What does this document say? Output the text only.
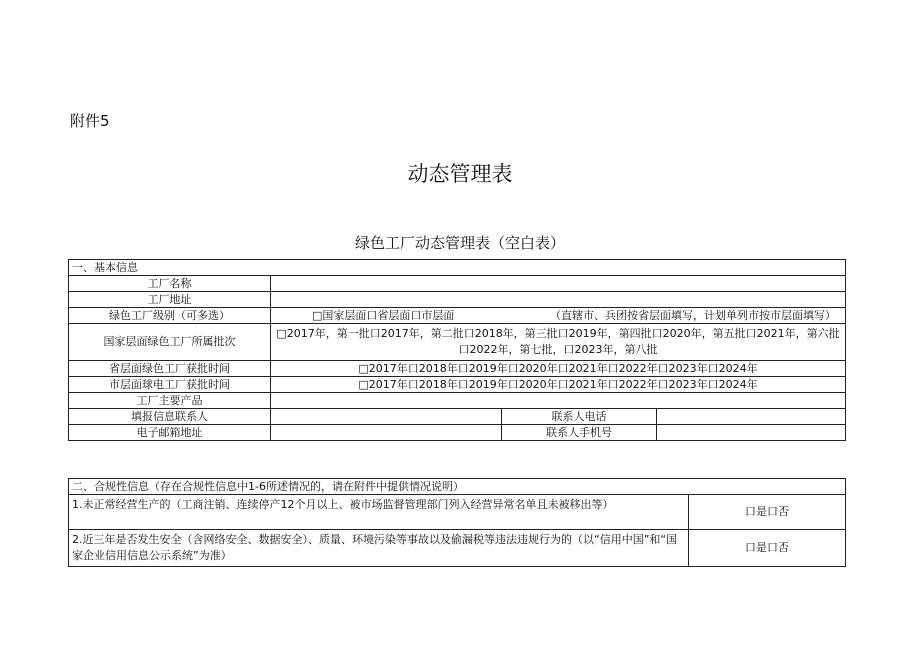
附件5
动态管理表
绿色工厂动态管理表（空白表）
一、基本信息			
工厂名称			
工厂地址			
绿色工厂级别（可多选）	□国家层面口省层面口市层面 （直辖市、兵团按省层面填写，计划单列市按市层面填写）		
国家层面绿色工厂所属批次	□2017年，第一批口2017年，第二批口2018年，第三批口2019年，第四批口2020年，第五批口2021年，第六批口2022年，第七批，口2023年，第八批		
省层面绿色工厂获批时间	□2017年口2018年口2019年口2020年口2021年口2022年口2023年口2024年		
市层面球电工厂获批时间	□2017年口2018年口2019年口2020年口2021年口2022年口2023年口2024年		
工厂主要产品			
填报信息联系人		联系人电话	
电子邮箱地址		联系人手机号	
二、合规性信息（存在合规性信息中1-6所述情况的，请在附件中提供情况说明）	
1.未正常经营生产的（工商注销、连续停产12个月以上、被市场监督管理部门列入经营异常名单且未被移出等）	口是口否
2.近三年是否发生安全（含网络安全、数据安全）、质量、环境污染等事故以及偷漏税等违法违规行为的（以“信用中国”和“国家企业信用信息公示系统”为准）	口是口否
